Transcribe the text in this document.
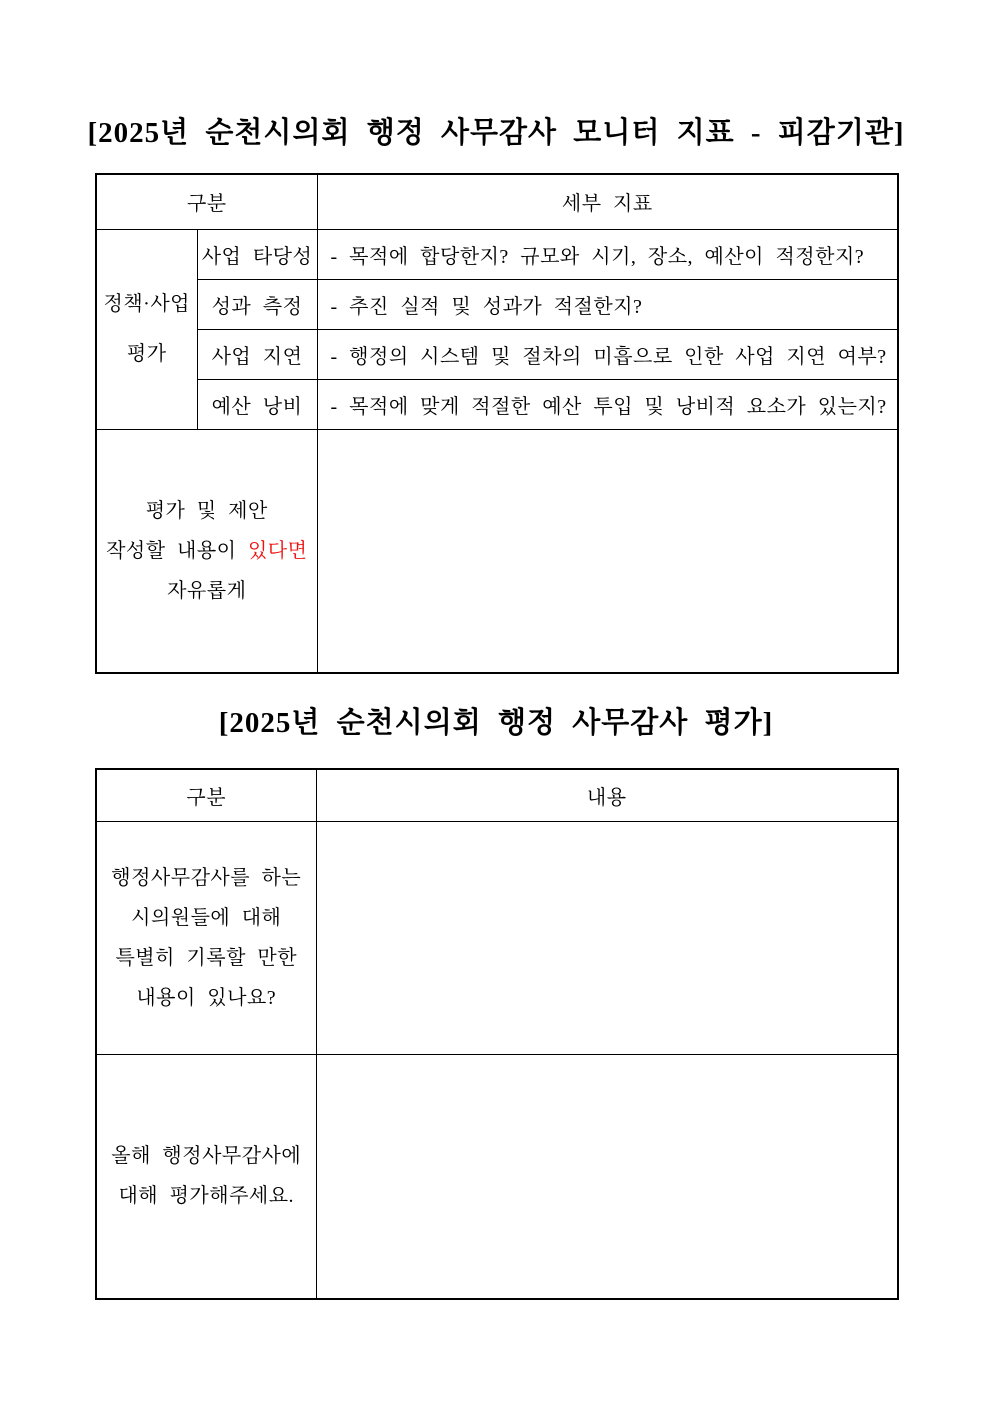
[2025년 순천시의회 행정 사무감사 모니터 지표 - 피감기관]
구분		세부 지표

정책·사업
평가	사업 타당성	- 목적에 합당한지? 규모와 시기, 장소, 예산이 적정한지?
	성과 측정	- 추진 실적 및 성과가 적절한지?
	사업 지연	- 행정의 시스템 및 절차의 미흡으로 인한 사업 지연 여부?
	예산 낭비	- 목적에 맞게 적절한 예산 투입 및 낭비적 요소가 있는지?

평가 및 제안
작성할 내용이 있다면
자유롭게		

[2025년 순천시의회 행정 사무감사 평가]
구분	내용

행정사무감사를 하는
시의원들에 대해
특별히 기록할 만한
내용이 있나요?	

올해 행정사무감사에
대해 평가해주세요.	
